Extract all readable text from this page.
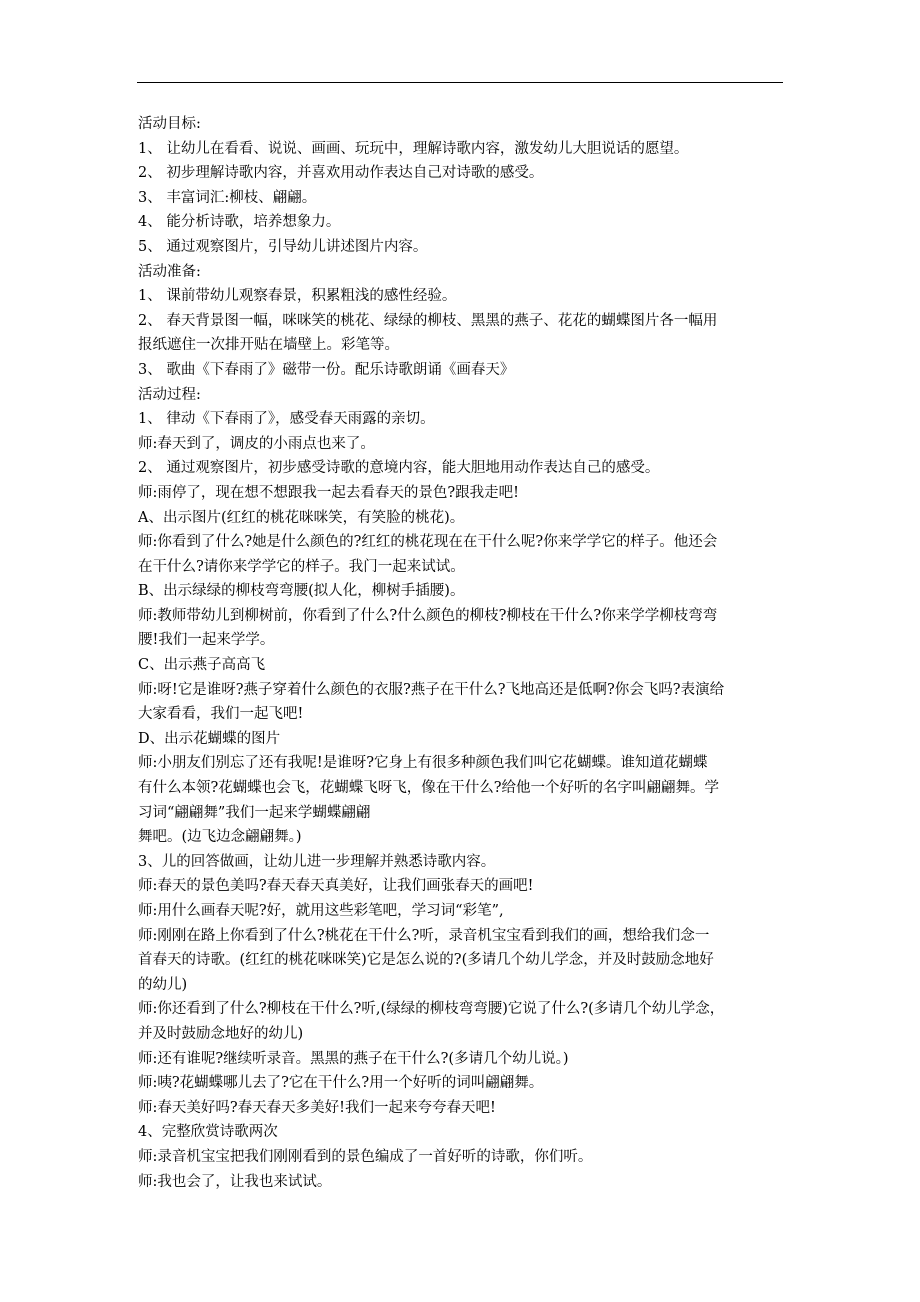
活动目标:

1、 让幼儿在看看、说说、画画、玩玩中，理解诗歌内容，激发幼儿大胆说话的愿望。

2、 初步理解诗歌内容，并喜欢用动作表达自己对诗歌的感受。

3、 丰富词汇:柳枝、翩翩。

4、 能分析诗歌，培养想象力。

5、 通过观察图片，引导幼儿讲述图片内容。

活动准备:

1、 课前带幼儿观察春景，积累粗浅的感性经验。

2、 春天背景图一幅，咪咪笑的桃花、绿绿的柳枝、黑黑的燕子、花花的蝴蝶图片各一幅用

报纸遮住一次排开贴在墙壁上。彩笔等。

3、 歌曲《下春雨了》磁带一份。配乐诗歌朗诵《画春天》

活动过程:

1、 律动《下春雨了》，感受春天雨露的亲切。

师:春天到了，调皮的小雨点也来了。

2、 通过观察图片，初步感受诗歌的意境内容，能大胆地用动作表达自己的感受。

师:雨停了，现在想不想跟我一起去看春天的景色?跟我走吧!

A、出示图片(红红的桃花咪咪笑，有笑脸的桃花)。

师:你看到了什么?她是什么颜色的?红红的桃花现在在干什么呢?你来学学它的样子。他还会

在干什么?请你来学学它的样子。我门一起来试试。

B、出示绿绿的柳枝弯弯腰(拟人化，柳树手插腰)。

师:教师带幼儿到柳树前，你看到了什么?什么颜色的柳枝?柳枝在干什么?你来学学柳枝弯弯

腰!我们一起来学学。

C、出示燕子高高飞

师:呀!它是谁呀?燕子穿着什么颜色的衣服?燕子在干什么?飞地高还是低啊?你会飞吗?表演给

大家看看，我们一起飞吧!

D、出示花蝴蝶的图片

师:小朋友们别忘了还有我呢!是谁呀?它身上有很多种颜色我们叫它花蝴蝶。谁知道花蝴蝶

有什么本领?花蝴蝶也会飞，花蝴蝶飞呀飞，像在干什么?给他一个好听的名字叫翩翩舞。学

习词“翩翩舞”我们一起来学蝴蝶翩翩

舞吧。(边飞边念翩翩舞。)

3、儿的回答做画，让幼儿进一步理解并熟悉诗歌内容。

师:春天的景色美吗?春天春天真美好，让我们画张春天的画吧!

师:用什么画春天呢?好，就用这些彩笔吧，学习词“彩笔”,

师:刚刚在路上你看到了什么?桃花在干什么?听，录音机宝宝看到我们的画，想给我们念一

首春天的诗歌。(红红的桃花咪咪笑)它是怎么说的?(多请几个幼儿学念，并及时鼓励念地好

的幼儿)

师:你还看到了什么?柳枝在干什么?听,(绿绿的柳枝弯弯腰)它说了什么?(多请几个幼儿学念，

并及时鼓励念地好的幼儿)

师:还有谁呢?继续听录音。黑黑的燕子在干什么?(多请几个幼儿说。)

师:咦?花蝴蝶哪儿去了?它在干什么?用一个好听的词叫翩翩舞。

师:春天美好吗?春天春天多美好!我们一起来夸夸春天吧!

4、完整欣赏诗歌两次

师:录音机宝宝把我们刚刚看到的景色编成了一首好听的诗歌，你们听。

师:我也会了，让我也来试试。
